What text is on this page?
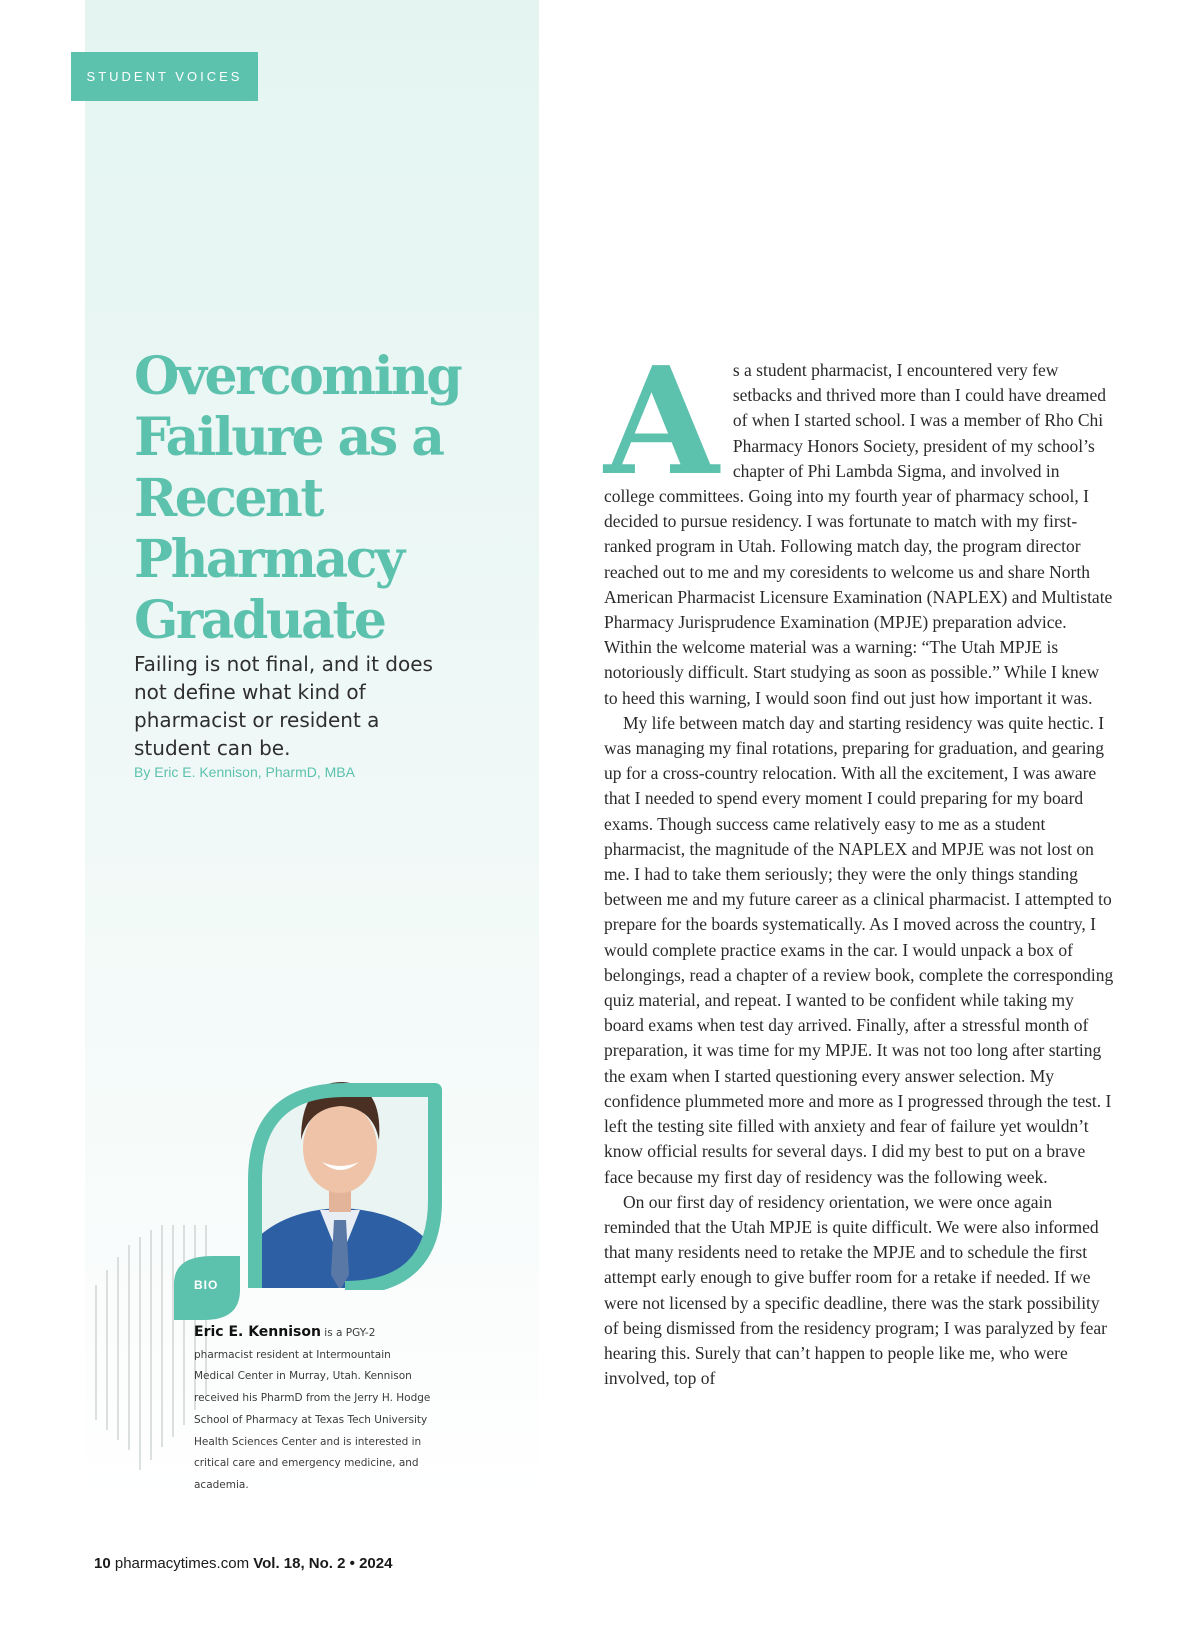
STUDENT VOICES
Overcoming Failure as a Recent Pharmacy Graduate

Failing is not final, and it does not define what kind of pharmacist or resident a student can be.

By Eric E. Kennison, PharmD, MBA

BIO
Eric E. Kennison is a PGY-2 pharmacist resident at Intermountain Medical Center in Murray, Utah. Kennison received his PharmD from the Jerry H. Hodge School of Pharmacy at Texas Tech University Health Sciences Center and is interested in critical care and emergency medicine, and academia.
A s a student pharmacist, I encountered very few setbacks and thrived more than I could have dreamed of when I started school. I was a member of Rho Chi Pharmacy Honors Society, president of my school’s chapter of Phi Lambda Sigma, and involved in college committees. Going into my fourth year of pharmacy school, I decided to pursue residency. I was fortunate to match with my first-ranked program in Utah. Following match day, the program director reached out to me and my coresidents to welcome us and share North American Pharmacist Licensure Examination (NAPLEX) and Multistate Pharmacy Jurisprudence Examination (MPJE) preparation advice. Within the welcome material was a warning: “The Utah MPJE is notoriously difficult. Start studying as soon as possible.” While I knew to heed this warning, I would soon find out just how important it was.

My life between match day and starting residency was quite hectic. I was managing my final rotations, preparing for graduation, and gearing up for a cross-country relocation. With all the excitement, I was aware that I needed to spend every moment I could preparing for my board exams. Though success came relatively easy to me as a student pharmacist, the magnitude of the NAPLEX and MPJE was not lost on me. I had to take them seriously; they were the only things standing between me and my future career as a clinical pharmacist. I attempted to prepare for the boards systematically. As I moved across the country, I would complete practice exams in the car. I would unpack a box of belongings, read a chapter of a review book, complete the corresponding quiz material, and repeat. I wanted to be confident while taking my board exams when test day arrived. Finally, after a stressful month of preparation, it was time for my MPJE. It was not too long after starting the exam when I started questioning every answer selection. My confidence plummeted more and more as I progressed through the test. I left the testing site filled with anxiety and fear of failure yet wouldn’t know official results for several days. I did my best to put on a brave face because my first day of residency was the following week.

On our first day of residency orientation, we were once again reminded that the Utah MPJE is quite difficult. We were also informed that many residents need to retake the MPJE and to schedule the first attempt early enough to give buffer room for a retake if needed. If we were not licensed by a specific deadline, there was the stark possibility of being dismissed from the residency program; I was paralyzed by fear hearing this. Surely that can’t happen to people like me, who were involved, top of

10 pharmacytimes.com Vol. 18, No. 2 • 2024
